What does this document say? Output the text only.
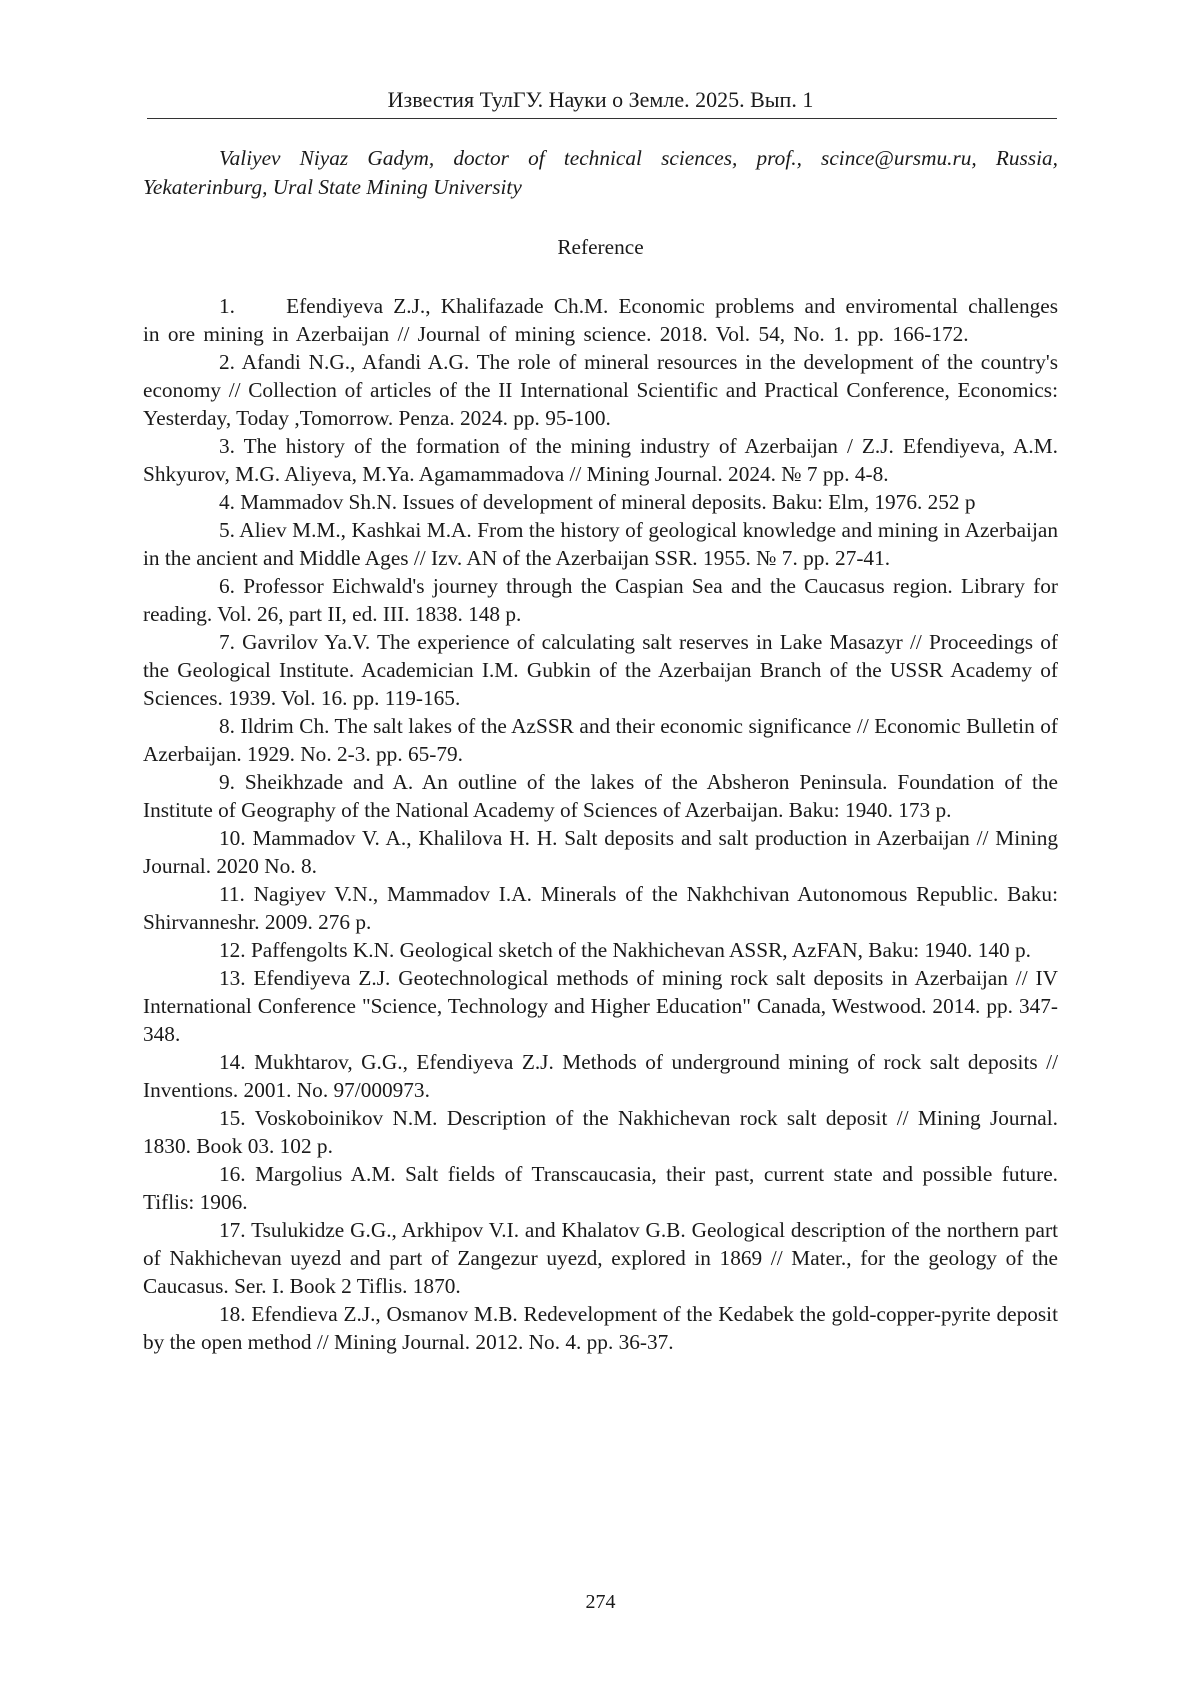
Известия ТулГУ. Науки о Земле. 2025. Вып. 1

Valiyev Niyaz Gadym, doctor of technical sciences, prof., scince@ursmu.ru, Russia, Yekaterinburg, Ural State Mining University

Reference

1.     Efendiyeva Z.J., Khalifazade Ch.M. Economic problems and enviromental challenges in ore mining in Azerbaijan // Journal of mining science. 2018. Vol. 54, No. 1. pp. 166-172.

2. Afandi N.G., Afandi A.G. The role of mineral resources in the development of the country's economy // Collection of articles of the II International Scientific and Practical Conference, Economics: Yesterday, Today ,Tomorrow. Penza. 2024. pp. 95-100.

3. The history of the formation of the mining industry of Azerbaijan / Z.J. Efendiyeva, A.M. Shkyurov, M.G. Aliyeva, M.Ya. Agamammadova // Mining Journal. 2024. № 7 pp. 4-8.

4. Mammadov Sh.N. Issues of development of mineral deposits. Baku: Elm, 1976. 252 p

5. Aliev M.M., Kashkai M.A. From the history of geological knowledge and mining in Azerbaijan in the ancient and Middle Ages // Izv. AN of the Azerbaijan SSR. 1955. № 7. pp. 27-41.

6. Professor Eichwald's journey through the Caspian Sea and the Caucasus region. Library for reading. Vol. 26, part II, ed. III. 1838. 148 p.

7. Gavrilov Ya.V. The experience of calculating salt reserves in Lake Masazyr // Proceedings of the Geological Institute. Academician I.M. Gubkin of the Azerbaijan Branch of the USSR Academy of Sciences. 1939. Vol. 16. pp. 119-165.

8. Ildrim Ch. The salt lakes of the AzSSR and their economic significance // Economic Bulletin of Azerbaijan. 1929. No. 2-3. pp. 65-79.

9. Sheikhzade and A. An outline of the lakes of the Absheron Peninsula. Foundation of the Institute of Geography of the National Academy of Sciences of Azerbaijan. Baku: 1940. 173 p.

10. Mammadov V. A., Khalilova H. H. Salt deposits and salt production in Azerbaijan // Mining Journal. 2020 No. 8.

11. Nagiyev V.N., Mammadov I.A. Minerals of the Nakhchivan Autonomous Republic. Baku: Shirvanneshr. 2009. 276 p.

12. Paffengolts K.N. Geological sketch of the Nakhichevan ASSR, AzFAN, Baku: 1940. 140 p.

13. Efendiyeva Z.J. Geotechnological methods of mining rock salt deposits in Azerbaijan // IV International Conference "Science, Technology and Higher Education" Canada, Westwood. 2014. pp. 347-348.

14. Mukhtarov, G.G., Efendiyeva Z.J. Methods of underground mining of rock salt deposits // Inventions. 2001. No. 97/000973.

15. Voskoboinikov N.M. Description of the Nakhichevan rock salt deposit // Mining Journal. 1830. Book 03. 102 p.

16. Margolius A.M. Salt fields of Transcaucasia, their past, current state and possible future. Tiflis: 1906.

17. Tsulukidze G.G., Arkhipov V.I. and Khalatov G.B. Geological description of the northern part of Nakhichevan uyezd and part of Zangezur uyezd, explored in 1869 // Mater., for the geology of the Caucasus. Ser. I. Book 2 Tiflis. 1870.

18. Efendieva Z.J., Osmanov M.B. Redevelopment of the Kedabek the gold-copper-pyrite deposit by the open method // Mining Journal. 2012. No. 4. pp. 36-37.

274
